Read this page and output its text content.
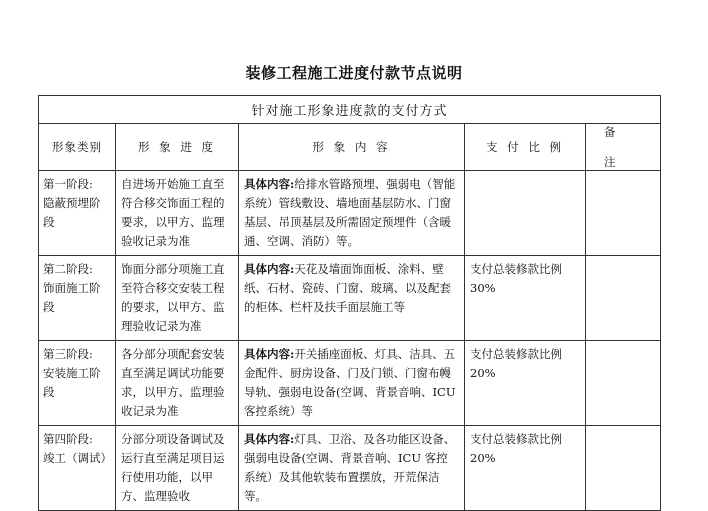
装修工程施工进度付款节点说明
针对施工形象进度款的支付方式				
形象类别	形 象 进 度	形 象 内 容	支 付 比 例	备注

第一阶段:
隐蔽预埋阶段	自进场开始施工直至符合移交饰面工程的要求，以甲方、监理验收记录为准	具体内容:给排水管路预埋、强弱电（智能系统）管线敷设、墙地面基层防水、门窗基层、吊顶基层及所需固定预埋件（含暖通、空调、消防）等。		

第二阶段:
饰面施工阶段	饰面分部分项施工直至符合移交安装工程的要求，以甲方、监理验收记录为准	具体内容:天花及墙面饰面板、涂料、壁纸、石材、瓷砖、门窗、玻璃、以及配套的柜体、栏杆及扶手面层施工等	支付总装修款比例 30%	

第三阶段:
安装施工阶段	各分部分项配套安装直至满足调试功能要求，以甲方、监理验收记录为准	具体内容:开关插座面板、灯具、洁具、五金配件、厨房设备、门及门锁、门窗布幔导轨、强弱电设备(空调、背景音响、ICU 客控系统）等	支付总装修款比例 20%	

第四阶段:
竣工（调试）	分部分项设备调试及运行直至满足项目运行使用功能，以甲方、监理验收	具体内容:灯具、卫浴、及各功能区设备、强弱电设备(空调、背景音响、ICU 客控系统）及其他软装布置摆放，开荒保洁等。	支付总装修款比例 20%	
